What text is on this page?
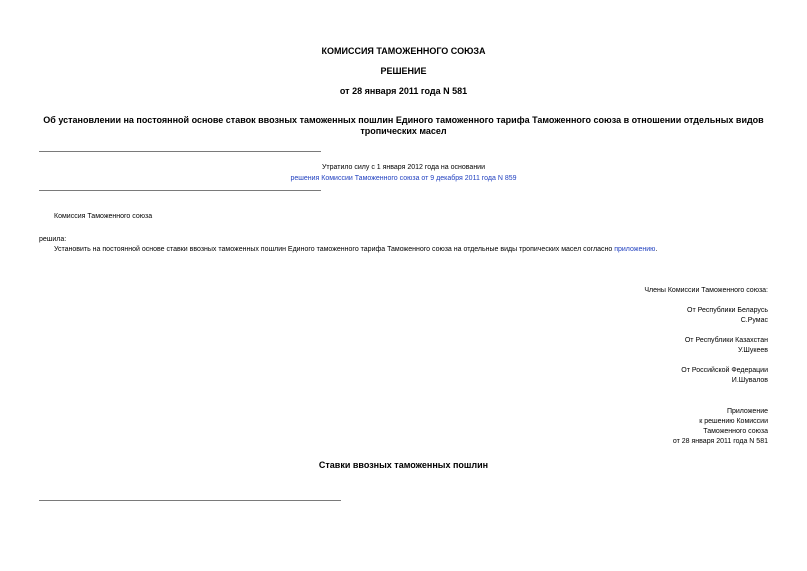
КОМИССИЯ ТАМОЖЕННОГО СОЮЗА
РЕШЕНИЕ
от 28 января 2011 года N 581
Об установлении на постоянной основе ставок ввозных таможенных пошлин Единого таможенного тарифа Таможенного союза в отношении отдельных видов
тропических масел
Утратило силу с 1 января 2012 года на основании
решения Комиссии Таможенного союза от 9 декабря 2011 года N 859
Комиссия Таможенного союза
решила:
Установить на постоянной основе ставки ввозных таможенных пошлин Единого таможенного тарифа Таможенного союза на отдельные виды тропических масел согласно приложению.
Члены Комиссии Таможенного союза:
От Республики Беларусь
С.Румас
От Республики Казахстан
У.Шукеев
От Российской Федерации
И.Шувалов
Приложение
к решению Комиссии
Таможенного союза
от 28 января 2011 года N 581
Ставки ввозных таможенных пошлин
